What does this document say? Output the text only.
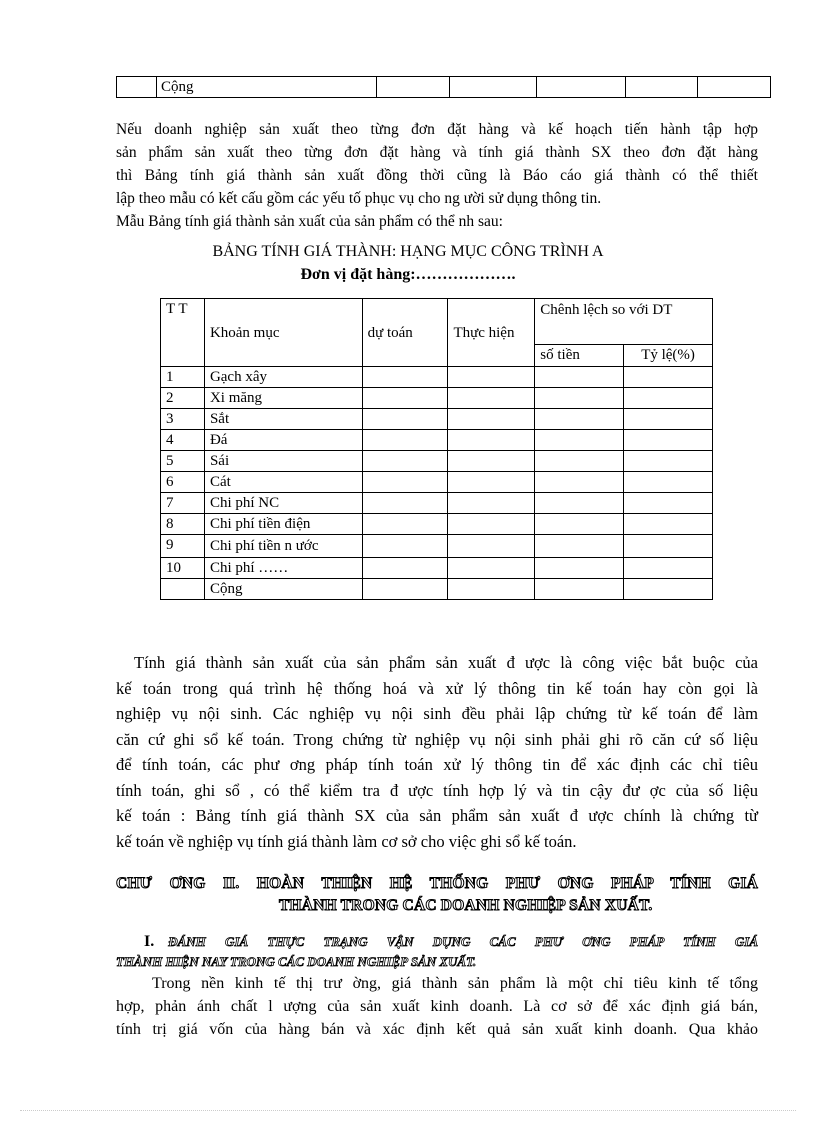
Cộng

Nếu doanh nghiệp sản xuất theo từng đơn đặt hàng và kế hoạch tiến hành tập hợp

sản phẩm sản xuất theo từng đơn đặt hàng và tính giá thành SX theo đơn đặt hàng

thì Bảng tính giá thành sản xuất đồng thời cũng là Báo cáo giá thành có thể thiết

lập theo mẫu có kết cấu gồm các yếu tố phục vụ cho ng ười sử dụng thông tin.

Mẫu Bảng tính giá thành sản xuất của sản phẩm có thể nh sau:

BẢNG TÍNH GIÁ THÀNH: HẠNG MỤC CÔNG TRÌNH A
Đơn vị đặt hàng:……………….
T T	Khoản mục	dự toán	Thực hiện	Chênh lệch so với DT	
				số tiền	Tỷ lệ(%)
1	Gạch xây				
2	Xi măng				
3	Sắt				
4	Đá				
5	Sái				
6	Cát				
7	Chi phí NC				
8	Chi phí tiền điện				
9	Chi phí tiền n ước				
10	Chi phí ……				
	Cộng				

Tính giá thành sản xuất của sản phẩm sản xuất đ ược là công việc bắt buộc của

kế toán trong quá trình hệ thống hoá và xử lý thông tin kế toán hay còn gọi là

nghiệp vụ nội sinh. Các nghiệp vụ nội sinh đều phải lập chứng từ kế toán để làm

căn cứ ghi sổ kế toán. Trong chứng từ nghiệp vụ nội sinh phải ghi rõ căn cứ số liệu

để tính toán, các phư ơng pháp tính toán xử lý thông tin để xác định các chỉ tiêu

tính toán, ghi sổ , có thể kiểm tra đ ược tính hợp lý và tin cậy đư ợc của số liệu

kế toán : Bảng tính giá thành SX của sản phẩm sản xuất đ ược chính là chứng từ

kế toán về nghiệp vụ tính giá thành làm cơ sở cho việc ghi sổ kế toán.

CHƯ ƠNG II. HOÀN THIỆN HỆ THỐNG PHƯ ƠNG PHÁP TÍNH GIÁ
THÀNH TRONG CÁC DOANH NGHIỆP SẢN XUẤT.
I. ĐÁNH GIÁ THỰC TRẠNG VẬN DỤNG CÁC PHƯ ƠNG PHÁP TÍNH GIÁ
THÀNH HIỆN NAY TRONG CÁC DOANH NGHIỆP SẢN XUẤT.

Trong nền kinh tế thị trư ờng, giá thành sản phẩm là một chỉ tiêu kinh tế tổng

hợp, phản ánh chất l ượng của sản xuất kinh doanh. Là cơ sở để xác định giá bán,

tính trị giá vốn của hàng bán và xác định kết quả sản xuất kinh doanh. Qua khảo
